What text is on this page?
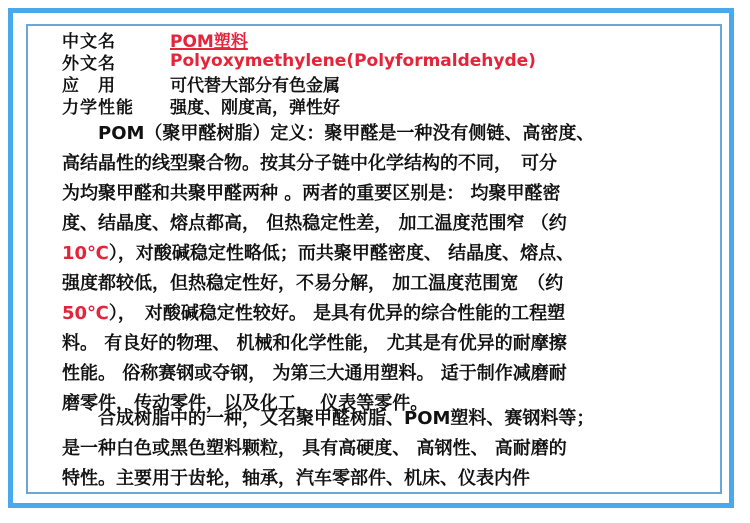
中文名	POM塑料
外文名	Polyoxymethylene(Polyformaldehyde)
应　用	可代替大部分有色金属
力学性能	强度、刚度高，弹性好
　　POM（聚甲醛树脂）定义：聚甲醛是一种没有侧链、高密度、
高结晶性的线型聚合物。按其分子链中化学结构的不同，　可分
为均聚甲醛和共聚甲醛两种 。两者的重要区别是： 均聚甲醛密
度、结晶度、熔点都高， 但热稳定性差， 加工温度范围窄 （约
10℃），对酸碱稳定性略低；而共聚甲醛密度、 结晶度、熔点、
强度都较低，但热稳定性好，不易分解， 加工温度范围宽　（约
50℃），　对酸碱稳定性较好。 是具有优异的综合性能的工程塑
料。 有良好的物理、 机械和化学性能， 尤其是有优异的耐摩擦
性能。 俗称赛钢或夺钢， 为第三大通用塑料。 适于制作减磨耐
磨零件，传动零件，以及化工， 仪表等零件。
　　合成树脂中的一种，又名聚甲醛树脂、POM塑料、赛钢料等；
是一种白色或黑色塑料颗粒， 具有高硬度、 高钢性、 高耐磨的
特性。主要用于齿轮，轴承，汽车零部件、机床、仪表内件
